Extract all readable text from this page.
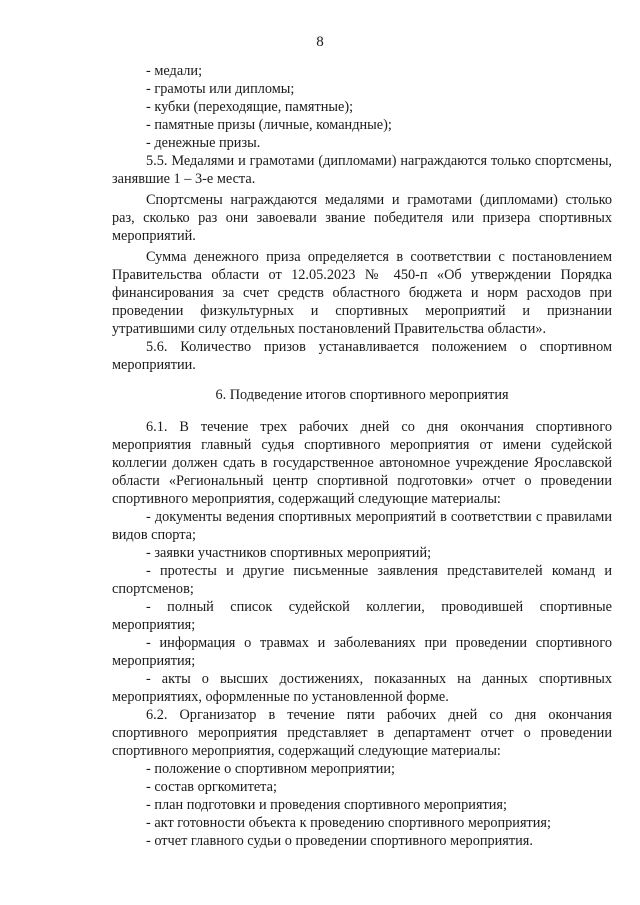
8

- медали;

- грамоты или дипломы;

- кубки (переходящие, памятные);

- памятные призы (личные, командные);

- денежные призы.

5.5. Медалями и грамотами (дипломами) награждаются только спортсмены, занявшие 1 – 3-е места.

Спортсмены награждаются медалями и грамотами (дипломами) столько раз, сколько раз они завоевали звание победителя или призера спортивных мероприятий.

Сумма денежного приза определяется в соответствии с постановлением Правительства области от 12.05.2023 № 450-п «Об утверждении Порядка финансирования за счет средств областного бюджета и норм расходов при проведении физкультурных и спортивных мероприятий и признании утратившими силу отдельных постановлений Правительства области».

5.6. Количество призов устанавливается положением о спортивном мероприятии.

6. Подведение итогов спортивного мероприятия

6.1. В течение трех рабочих дней со дня окончания спортивного мероприятия главный судья спортивного мероприятия от имени судейской коллегии должен сдать в государственное автономное учреждение Ярославской области «Региональный центр спортивной подготовки» отчет о проведении спортивного мероприятия, содержащий следующие материалы:

- документы ведения спортивных мероприятий в соответствии с правилами видов спорта;

- заявки участников спортивных мероприятий;

- протесты и другие письменные заявления представителей команд и спортсменов;

- полный список судейской коллегии, проводившей спортивные мероприятия;

- информация о травмах и заболеваниях при проведении спортивного мероприятия;

- акты о высших достижениях, показанных на данных спортивных мероприятиях, оформленные по установленной форме.

6.2. Организатор в течение пяти рабочих дней со дня окончания спортивного мероприятия представляет в департамент отчет о проведении спортивного мероприятия, содержащий следующие материалы:

- положение о спортивном мероприятии;

- состав оргкомитета;

- план подготовки и проведения спортивного мероприятия;

- акт готовности объекта к проведению спортивного мероприятия;

- отчет главного судьи о проведении спортивного мероприятия.
